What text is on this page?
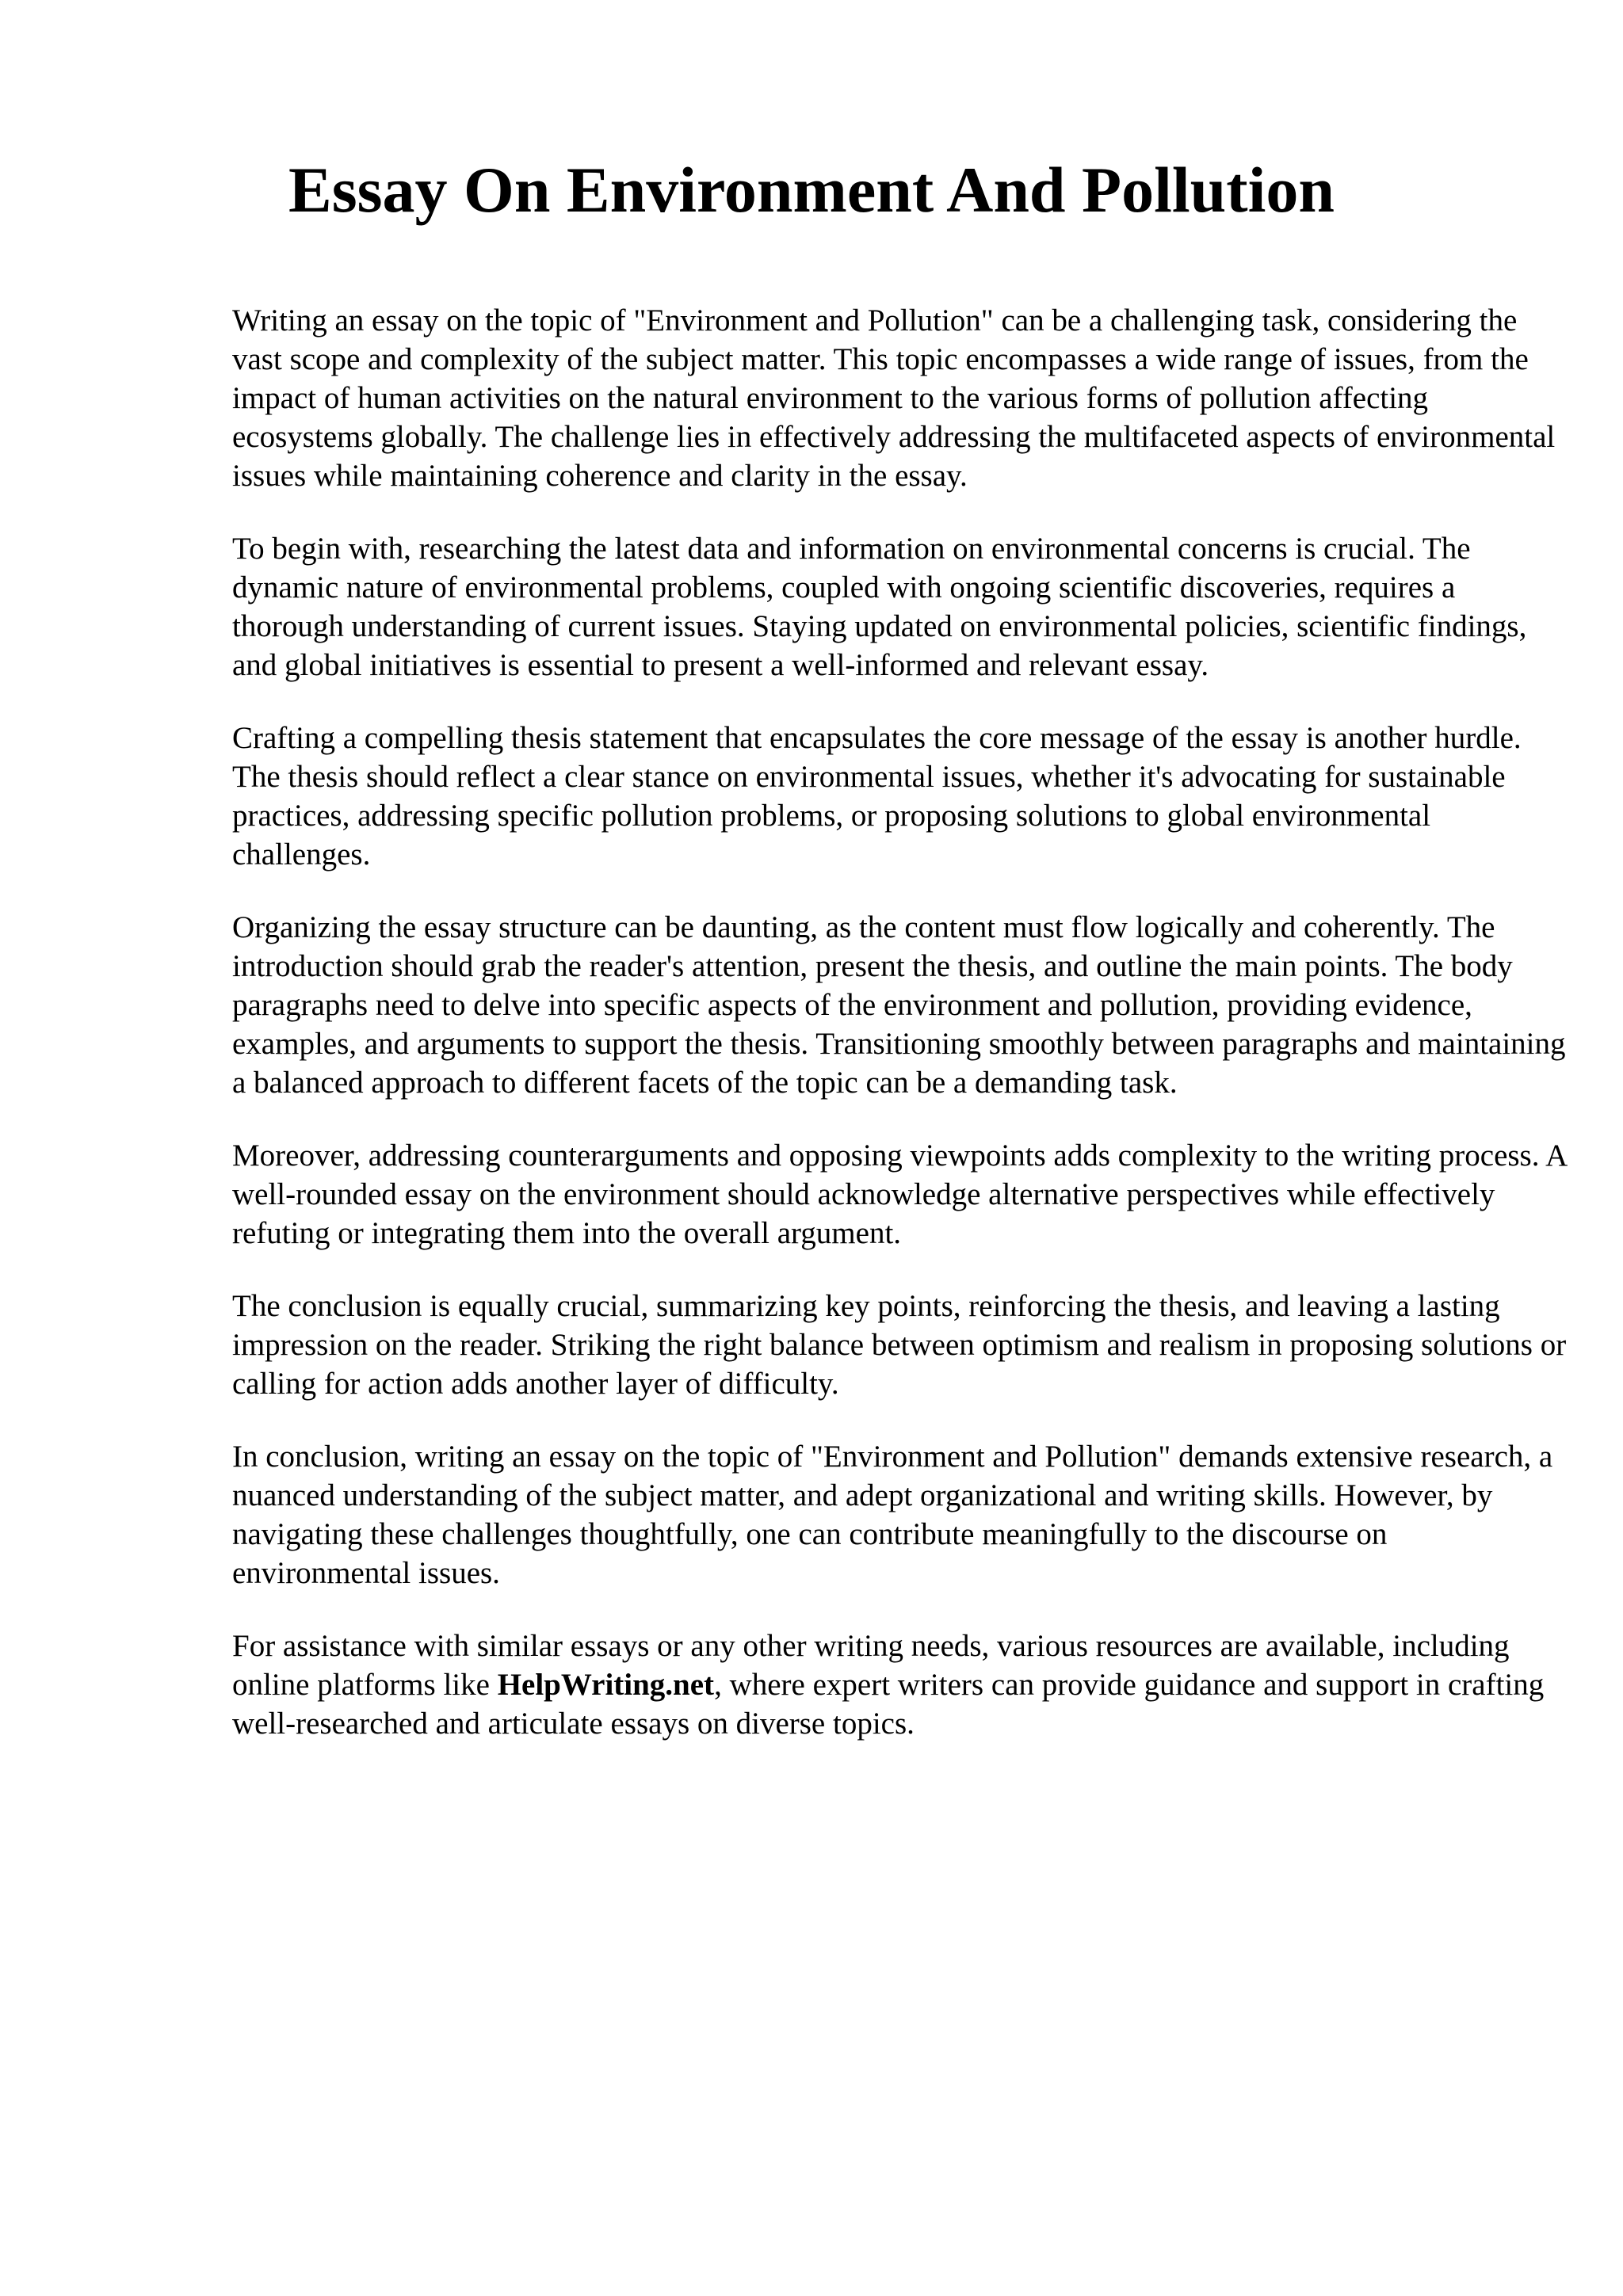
Essay On Environment And Pollution

Writing an essay on the topic of "Environment and Pollution" can be a challenging task, considering the vast scope and complexity of the subject matter. This topic encompasses a wide range of issues, from the impact of human activities on the natural environment to the various forms of pollution affecting ecosystems globally. The challenge lies in effectively addressing the multifaceted aspects of environmental issues while maintaining coherence and clarity in the essay.

To begin with, researching the latest data and information on environmental concerns is crucial. The dynamic nature of environmental problems, coupled with ongoing scientific discoveries, requires a thorough understanding of current issues. Staying updated on environmental policies, scientific findings, and global initiatives is essential to present a well-informed and relevant essay.

Crafting a compelling thesis statement that encapsulates the core message of the essay is another hurdle. The thesis should reflect a clear stance on environmental issues, whether it's advocating for sustainable practices, addressing specific pollution problems, or proposing solutions to global environmental challenges.

Organizing the essay structure can be daunting, as the content must flow logically and coherently. The introduction should grab the reader's attention, present the thesis, and outline the main points. The body paragraphs need to delve into specific aspects of the environment and pollution, providing evidence, examples, and arguments to support the thesis. Transitioning smoothly between paragraphs and maintaining a balanced approach to different facets of the topic can be a demanding task.

Moreover, addressing counterarguments and opposing viewpoints adds complexity to the writing process. A well-rounded essay on the environment should acknowledge alternative perspectives while effectively refuting or integrating them into the overall argument.

The conclusion is equally crucial, summarizing key points, reinforcing the thesis, and leaving a lasting impression on the reader. Striking the right balance between optimism and realism in proposing solutions or calling for action adds another layer of difficulty.

In conclusion, writing an essay on the topic of "Environment and Pollution" demands extensive research, a nuanced understanding of the subject matter, and adept organizational and writing skills. However, by navigating these challenges thoughtfully, one can contribute meaningfully to the discourse on environmental issues.

For assistance with similar essays or any other writing needs, various resources are available, including online platforms like HelpWriting.net, where expert writers can provide guidance and support in crafting well-researched and articulate essays on diverse topics.
